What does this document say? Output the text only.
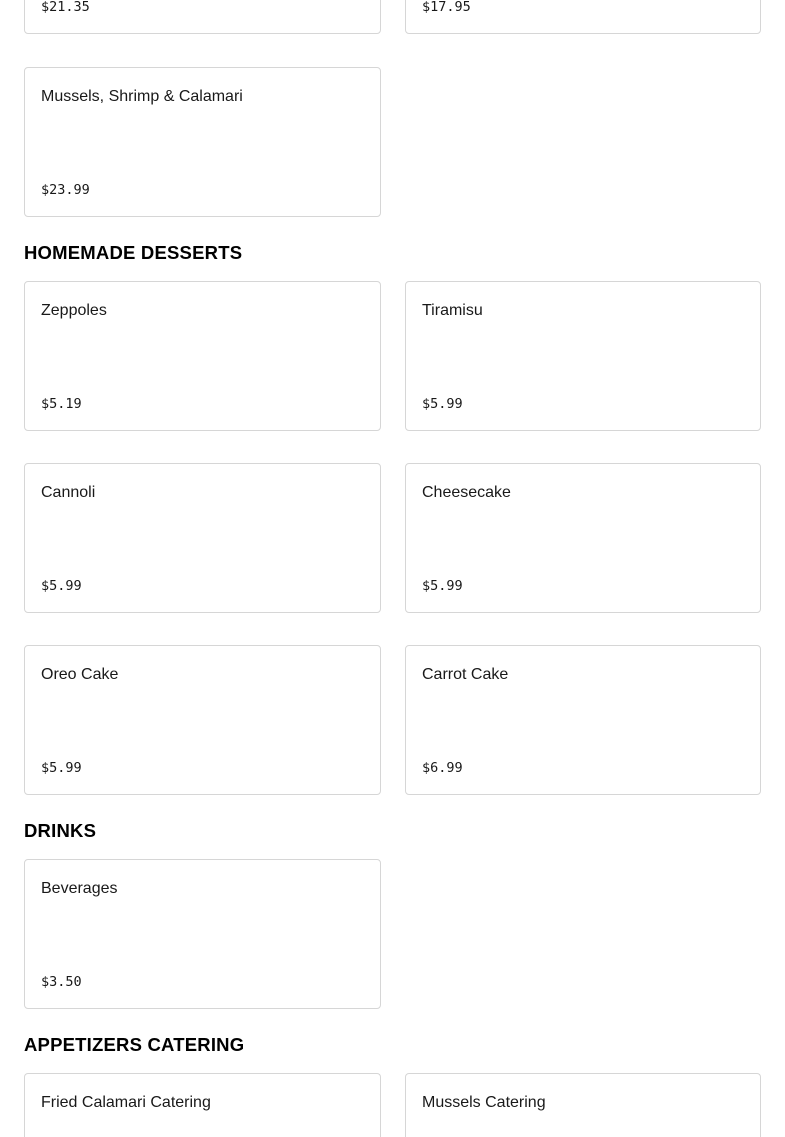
$21.35	$17.95
Mussels, Shrimp & Calamari
$23.99
HOMEMADE DESSERTS
Zeppoles
$5.19
Tiramisu
$5.99
Cannoli
$5.99
Cheesecake
$5.99
Oreo Cake
$5.99
Carrot Cake
$6.99
DRINKS
Beverages
$3.50
APPETIZERS CATERING
Fried Calamari Catering	Mussels Catering
